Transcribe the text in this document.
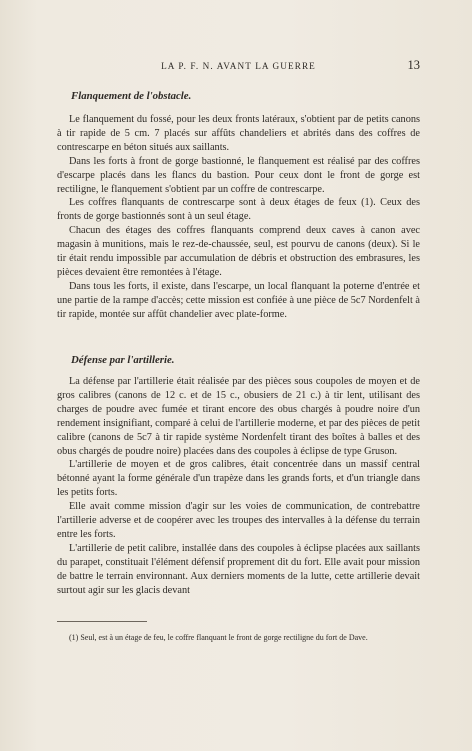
LA P. F. N. AVANT LA GUERRE	13
Flanquement de l'obstacle.

Le flanquement du fossé, pour les deux fronts latéraux, s'obtient par de petits canons à tir rapide de 5 cm. 7 placés sur affûts chandeliers et abrités dans des coffres de contrescarpe en béton situés aux saillants.

Dans les forts à front de gorge bastionné, le flanquement est réalisé par des coffres d'escarpe placés dans les flancs du bastion. Pour ceux dont le front de gorge est rectiligne, le flanquement s'obtient par un coffre de contrescarpe.

Les coffres flanquants de contrescarpe sont à deux étages de feux (1). Ceux des fronts de gorge bastionnés sont à un seul étage.

Chacun des étages des coffres flanquants comprend deux caves à canon avec magasin à munitions, mais le rez-de-chaussée, seul, est pourvu de canons (deux). Si le tir était rendu impossible par accumulation de débris et obstruction des embrasures, les pièces devaient être remontées à l'étage.

Dans tous les forts, il existe, dans l'escarpe, un local flanquant la poterne d'entrée et une partie de la rampe d'accès; cette mission est confiée à une pièce de 5c7 Nordenfelt à tir rapide, montée sur affût chandelier avec plate-forme.

Défense par l'artillerie.

La défense par l'artillerie était réalisée par des pièces sous coupoles de moyen et de gros calibres (canons de 12 c. et de 15 c., obusiers de 21 c.) à tir lent, utilisant des charges de poudre avec fumée et tirant encore des obus chargés à poudre noire d'un rendement insignifiant, comparé à celui de l'artillerie moderne, et par des pièces de petit calibre (canons de 5c7 à tir rapide système Nordenfelt tirant des boîtes à balles et des obus chargés de poudre noire) placées dans des coupoles à éclipse de type Gruson.

L'artillerie de moyen et de gros calibres, était concentrée dans un massif central bétonné ayant la forme générale d'un trapèze dans les grands forts, et d'un triangle dans les petits forts.

Elle avait comme mission d'agir sur les voies de communication, de contrebattre l'artillerie adverse et de coopérer avec les troupes des intervalles à la défense du terrain entre les forts.

L'artillerie de petit calibre, installée dans des coupoles à éclipse placées aux saillants du parapet, constituait l'élément défensif proprement dit du fort. Elle avait pour mission de battre le terrain environnant. Aux derniers moments de la lutte, cette artillerie devait surtout agir sur les glacis devant

(1) Seul, est à un étage de feu, le coffre flanquant le front de gorge rectiligne du fort de Dave.
